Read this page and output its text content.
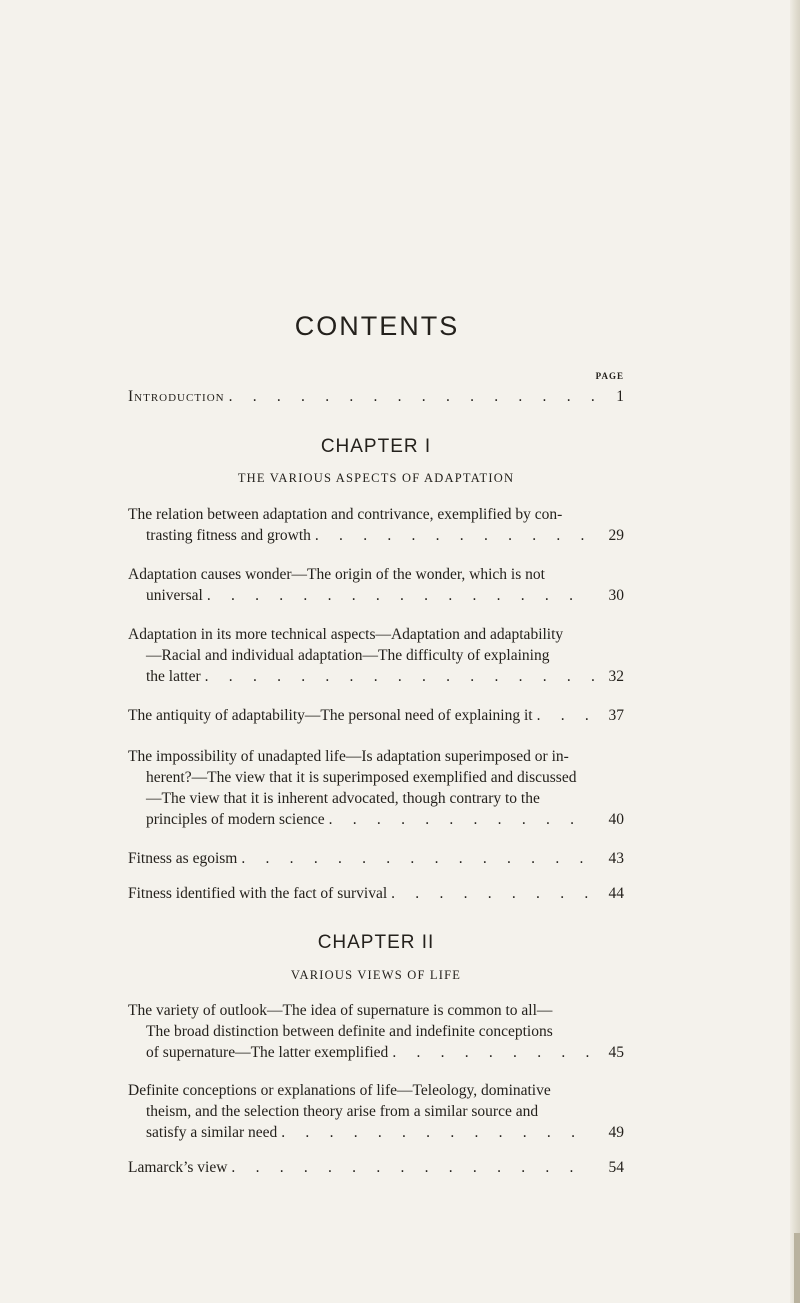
CONTENTS
PAGE
Introduction . . .	1
CHAPTER I
THE VARIOUS ASPECTS OF ADAPTATION
The relation between adaptation and contrivance, exemplified by con-
trasting fitness and growth . . .	29
Adaptation causes wonder—The origin of the wonder, which is not
universal . . .	30
Adaptation in its more technical aspects—Adaptation and adaptability
—Racial and individual adaptation—The difficulty of explaining
the latter . . .	32
The antiquity of adaptability—The personal need of explaining it . . .	37
The impossibility of unadapted life—Is adaptation superimposed or in-
herent?—The view that it is superimposed exemplified and discussed
—The view that it is inherent advocated, though contrary to the
principles of modern science . . .	40
Fitness as egoism . . .	43
Fitness identified with the fact of survival . . .	44
CHAPTER II
VARIOUS VIEWS OF LIFE
The variety of outlook—The idea of supernature is common to all—
The broad distinction between definite and indefinite conceptions
of supernature—The latter exemplified . . .	45
Definite conceptions or explanations of life—Teleology, dominative
theism, and the selection theory arise from a similar source and
satisfy a similar need . . .	49
Lamarck’s view . . .	54
